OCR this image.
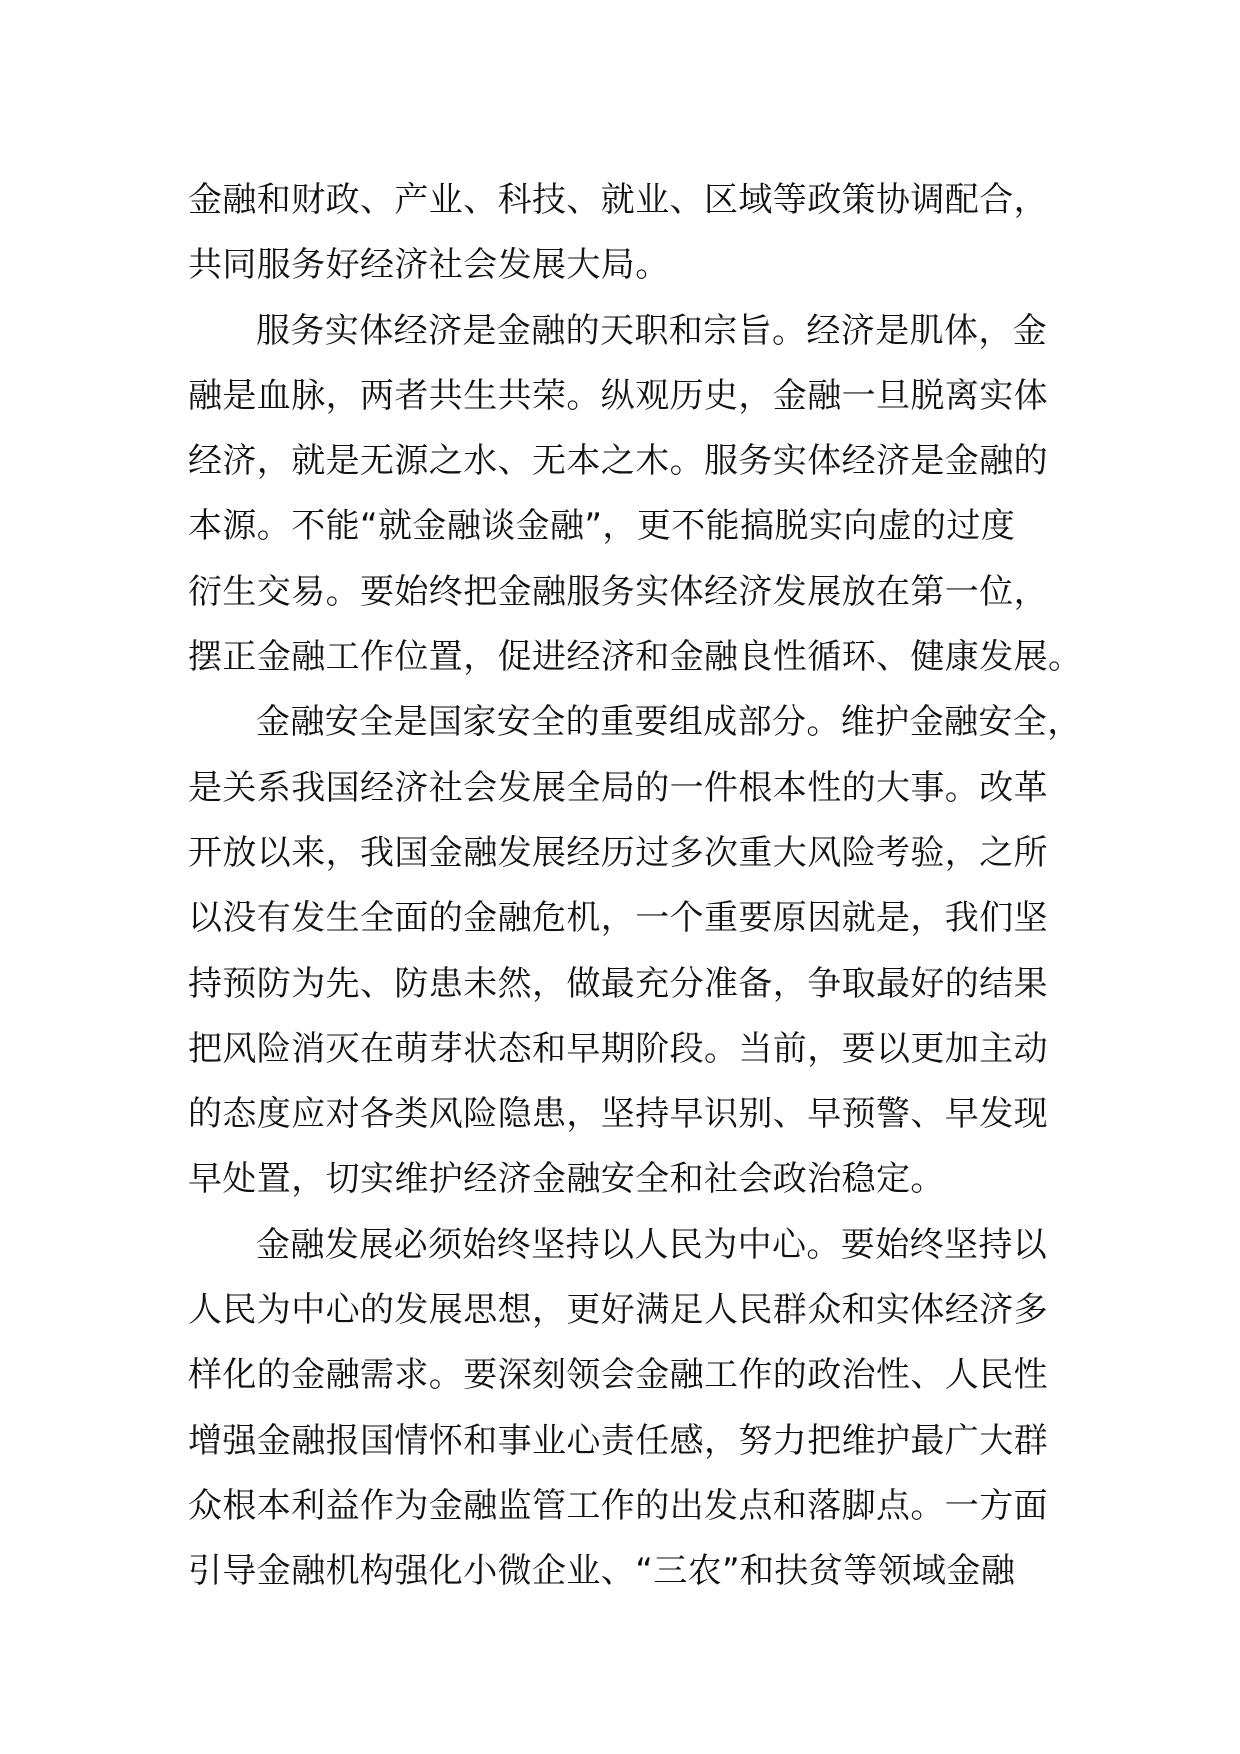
金融和财政、产业、科技、就业、区域等政策协调配合，
共同服务好经济社会发展大局。
服务实体经济是金融的天职和宗旨。经济是肌体，金
融是血脉，两者共生共荣。纵观历史，金融一旦脱离实体
经济，就是无源之水、无本之木。服务实体经济是金融的
本源。不能“就金融谈金融”，更不能搞脱实向虚的过度
衍生交易。要始终把金融服务实体经济发展放在第一位，
摆正金融工作位置，促进经济和金融良性循环、健康发展。
金融安全是国家安全的重要组成部分。维护金融安全，
是关系我国经济社会发展全局的一件根本性的大事。改革
开放以来，我国金融发展经历过多次重大风险考验，之所
以没有发生全面的金融危机，一个重要原因就是，我们坚
持预防为先、防患未然，做最充分准备，争取最好的结果
把风险消灭在萌芽状态和早期阶段。当前，要以更加主动
的态度应对各类风险隐患，坚持早识别、早预警、早发现
早处置，切实维护经济金融安全和社会政治稳定。
金融发展必须始终坚持以人民为中心。要始终坚持以
人民为中心的发展思想，更好满足人民群众和实体经济多
样化的金融需求。要深刻领会金融工作的政治性、人民性
增强金融报国情怀和事业心责任感，努力把维护最广大群
众根本利益作为金融监管工作的出发点和落脚点。一方面
引导金融机构强化小微企业、“三农”和扶贫等领域金融
